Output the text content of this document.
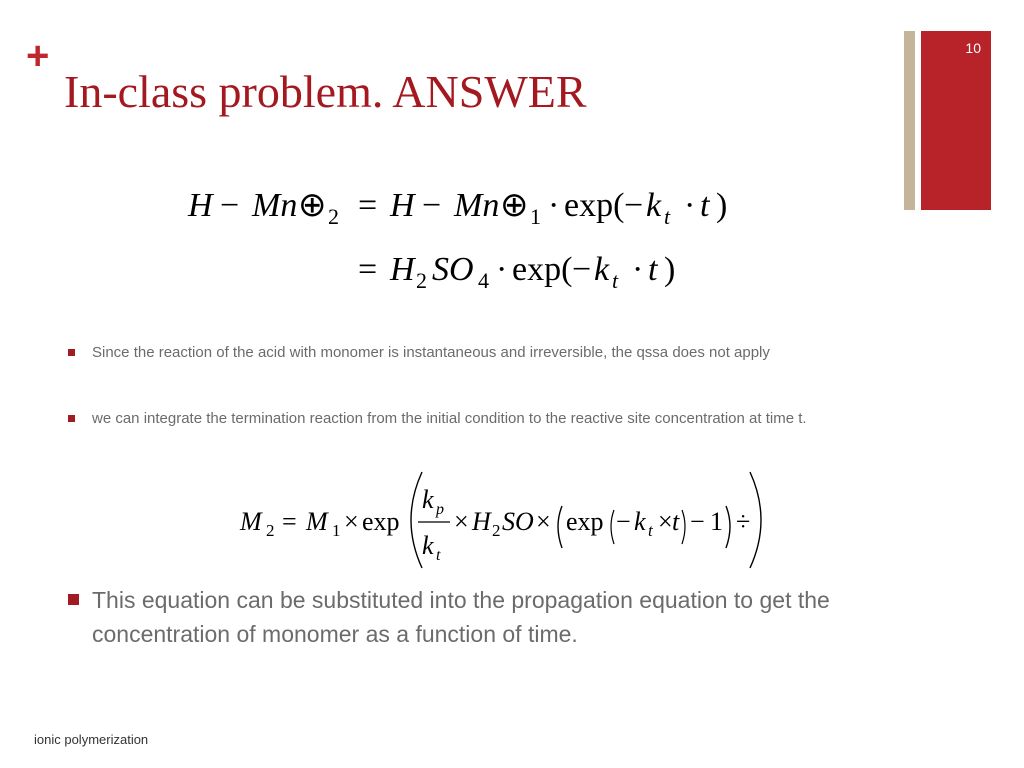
10
+
In-class problem. ANSWER
H − Mn ⊕ 2 = H − Mn ⊕ 1 · exp( − k t · t )
= H 2 SO 4 · exp( − k t · t )
Since the reaction of the acid with monomer is instantaneous and irreversible, the qssa does not apply
we can integrate the termination reaction from the initial condition to the reactive site concentration at time t.
This equation can be substituted into the propagation equation to get the concentration of monomer as a function of time.
M 2 = M 1 × exp
k p
k t
× H 2 SO × exp − k t × t − 1 ÷
ionic polymerization
